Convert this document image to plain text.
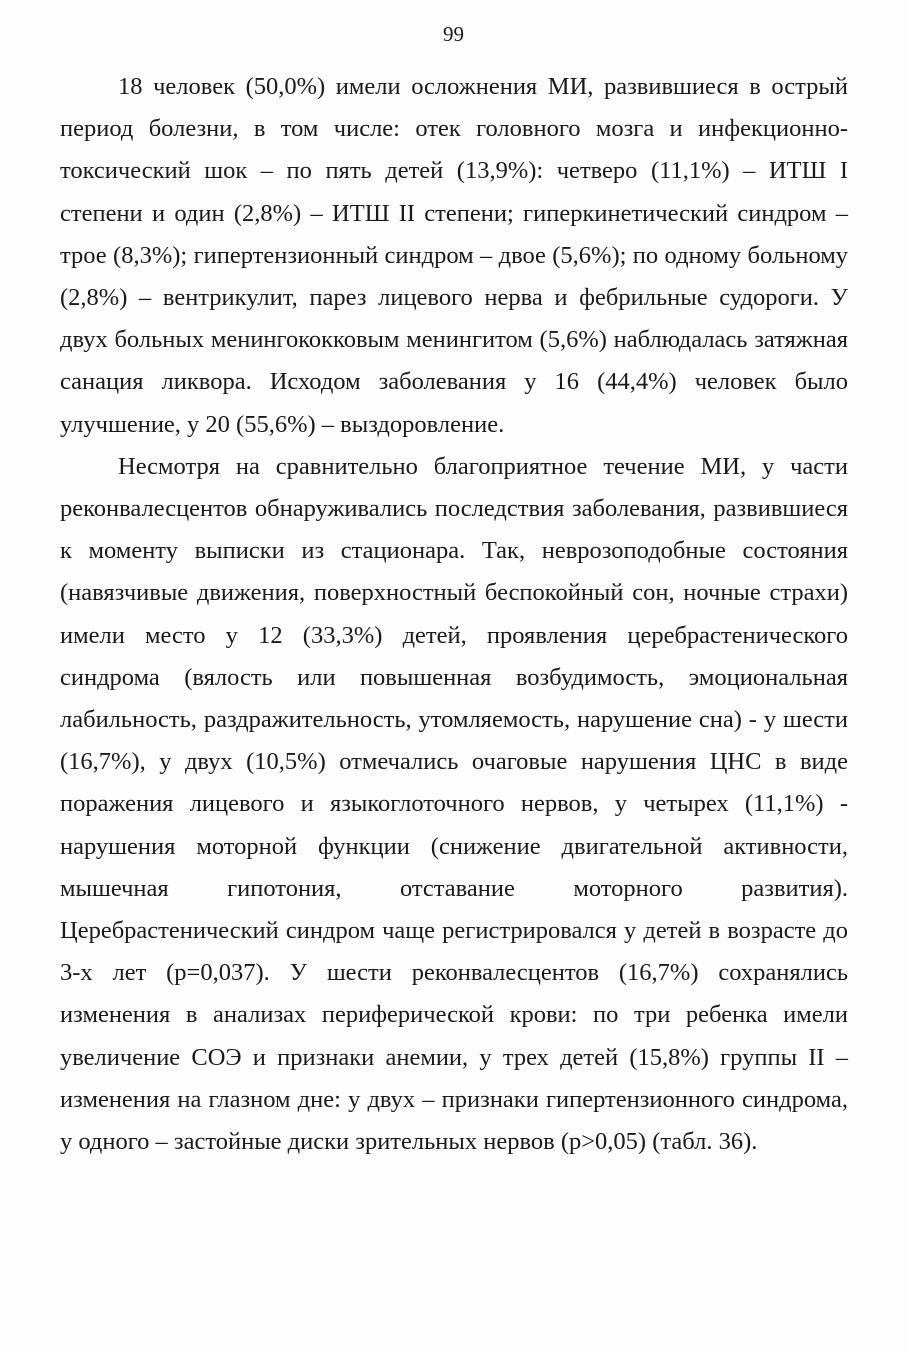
99

18 человек (50,0%) имели осложнения МИ, развившиеся в острый период болезни, в том числе: отек головного мозга и инфекционно-токсический шок – по пять детей (13,9%): четверо (11,1%) – ИТШ I степени и один (2,8%) – ИТШ II степени; гиперкинетический синдром – трое (8,3%); гипертензионный синдром – двое (5,6%); по одному больному (2,8%) – вентрикулит, парез лицевого нерва и фебрильные судороги. У двух больных менингококковым менингитом (5,6%) наблюдалась затяжная санация ликвора. Исходом заболевания у 16 (44,4%) человек было улучшение, у 20 (55,6%) – выздоровление.

Несмотря на сравнительно благоприятное течение МИ, у части реконвалесцентов обнаруживались последствия заболевания, развившиеся к моменту выписки из стационара. Так, неврозоподобные состояния (навязчивые движения, поверхностный беспокойный сон, ночные страхи) имели место у 12 (33,3%) детей, проявления церебрастенического синдрома (вялость или повышенная возбудимость, эмоциональная лабильность, раздражительность, утомляемость, нарушение сна) - у шести (16,7%), у двух (10,5%) отмечались очаговые нарушения ЦНС в виде поражения лицевого и языкоглоточного нервов, у четырех (11,1%) - нарушения моторной функции (снижение двигательной активности, мышечная гипотония, отставание моторного развития). Церебрастенический синдром чаще регистрировался у детей в возрасте до 3-х лет (p=0,037). У шести реконвалесцентов (16,7%) сохранялись изменения в анализах периферической крови: по три ребенка имели увеличение СОЭ и признаки анемии, у трех детей (15,8%) группы II – изменения на глазном дне: у двух – признаки гипертензионного синдрома, у одного – застойные диски зрительных нервов (p>0,05) (табл. 36).
